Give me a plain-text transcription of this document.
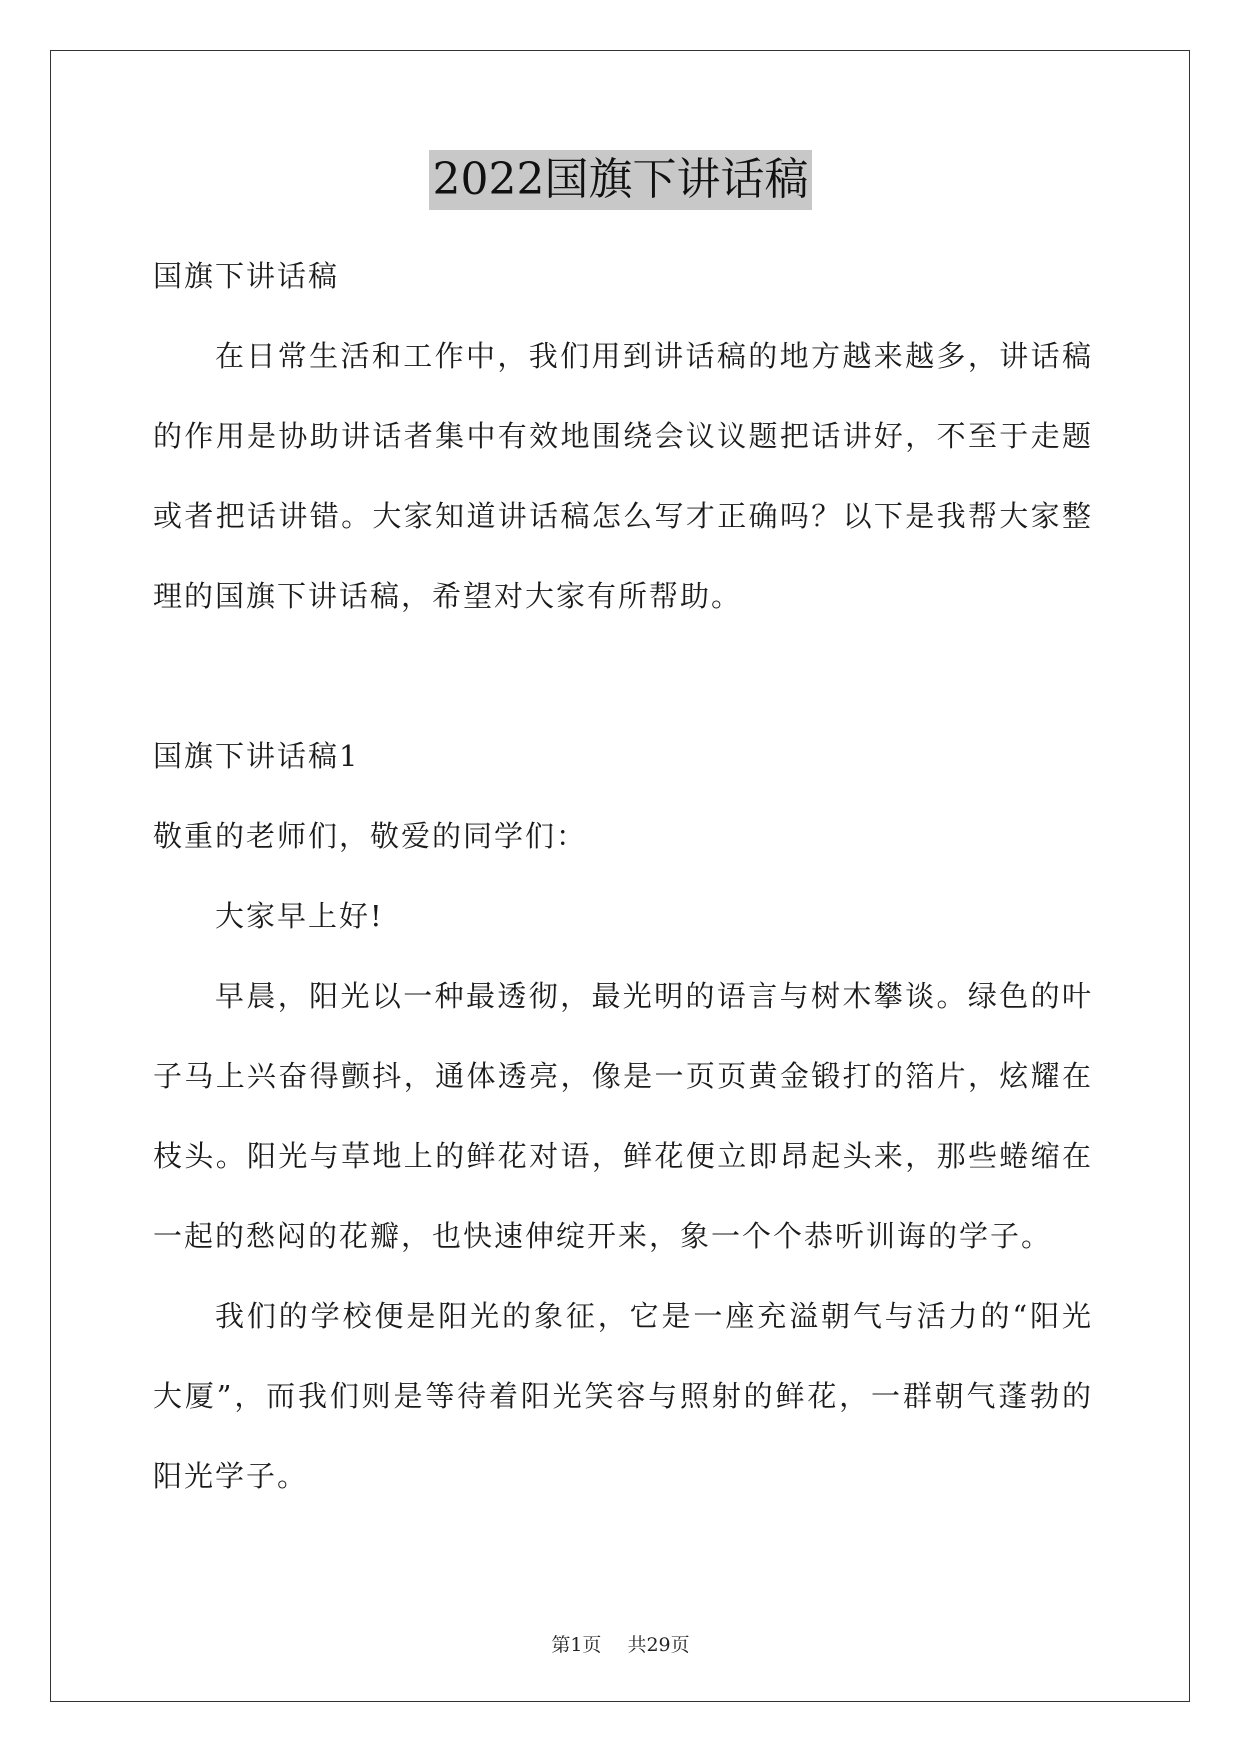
2022国旗下讲话稿

国旗下讲话稿

在日常生活和工作中，我们用到讲话稿的地方越来越多，讲话稿的作用是协助讲话者集中有效地围绕会议议题把话讲好，不至于走题或者把话讲错。大家知道讲话稿怎么写才正确吗？以下是我帮大家整理的国旗下讲话稿，希望对大家有所帮助。

国旗下讲话稿1

敬重的老师们，敬爱的同学们：

大家早上好!

早晨，阳光以一种最透彻，最光明的语言与树木攀谈。绿色的叶子马上兴奋得颤抖，通体透亮，像是一页页黄金锻打的箔片，炫耀在枝头。阳光与草地上的鲜花对语，鲜花便立即昂起头来，那些蜷缩在一起的愁闷的花瓣，也快速伸绽开来，象一个个恭听训诲的学子。

我们的学校便是阳光的象征，它是一座充溢朝气与活力的“阳光大厦”，而我们则是等待着阳光笑容与照射的鲜花，一群朝气蓬勃的阳光学子。

第1页 共29页
